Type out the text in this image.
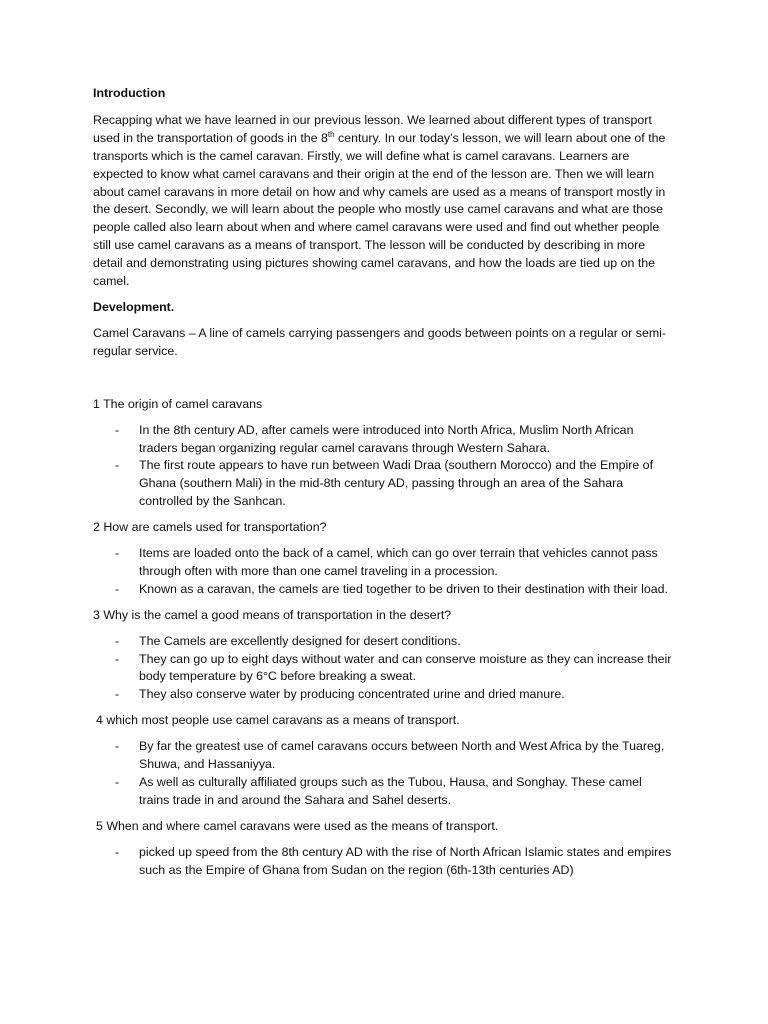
Introduction

Recapping what we have learned in our previous lesson. We learned about different types of transport used in the transportation of goods in the 8th century. In our today’s lesson, we will learn about one of the transports which is the camel caravan. Firstly, we will define what is camel caravans. Learners are expected to know what camel caravans and their origin at the end of the lesson are. Then we will learn about camel caravans in more detail on how and why camels are used as a means of transport mostly in the desert. Secondly, we will learn about the people who mostly use camel caravans and what are those people called also learn about when and where camel caravans were used and find out whether people still use camel caravans as a means of transport. The lesson will be conducted by describing in more detail and demonstrating using pictures showing camel caravans, and how the loads are tied up on the camel.

Development.

Camel Caravans – A line of camels carrying passengers and goods between points on a regular or semi-regular service.

1 The origin of camel caravans

- In the 8th century AD, after camels were introduced into North Africa, Muslim North African traders began organizing regular camel caravans through Western Sahara.
- The first route appears to have run between Wadi Draa (southern Morocco) and the Empire of Ghana (southern Mali) in the mid-8th century AD, passing through an area of the Sahara controlled by the Sanhcan.

2 How are camels used for transportation?

- Items are loaded onto the back of a camel, which can go over terrain that vehicles cannot pass through often with more than one camel traveling in a procession.
- Known as a caravan, the camels are tied together to be driven to their destination with their load.

3 Why is the camel a good means of transportation in the desert?

- The Camels are excellently designed for desert conditions.
- They can go up to eight days without water and can conserve moisture as they can increase their body temperature by 6°C before breaking a sweat.
- They also conserve water by producing concentrated urine and dried manure.

4 which most people use camel caravans as a means of transport.

- By far the greatest use of camel caravans occurs between North and West Africa by the Tuareg, Shuwa, and Hassaniyya.
- As well as culturally affiliated groups such as the Tubou, Hausa, and Songhay. These camel trains trade in and around the Sahara and Sahel deserts.

5 When and where camel caravans were used as the means of transport.

- picked up speed from the 8th century AD with the rise of North African Islamic states and empires such as the Empire of Ghana from Sudan on the region (6th-13th centuries AD)
